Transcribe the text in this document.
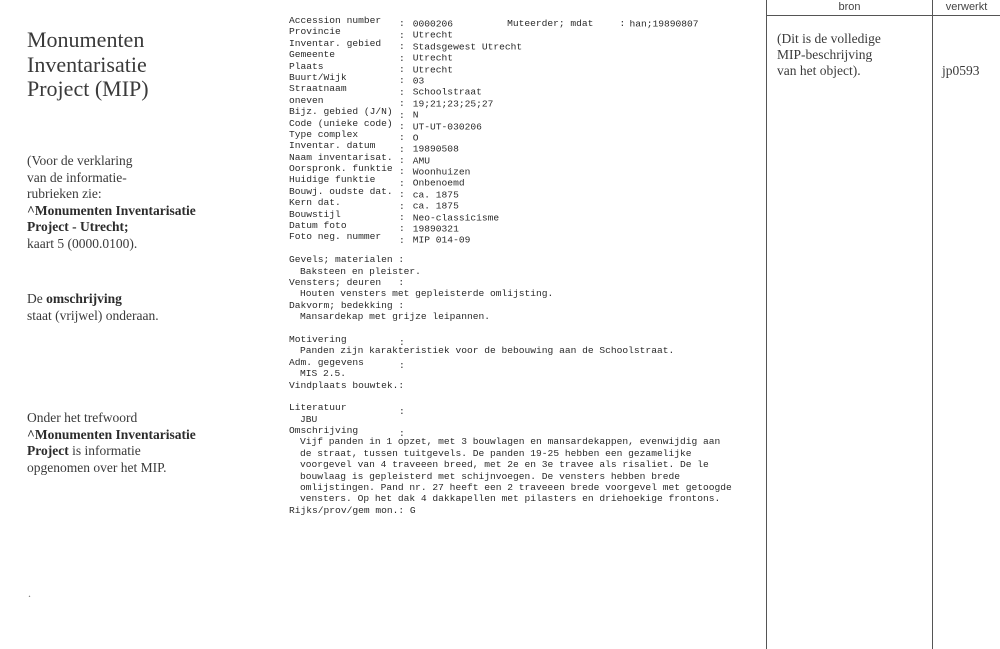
Monumenten
Inventarisatie
Project (MIP)

(Voor de verklaring

van de informatie-

rubrieken zie:

^Monumenten Inventarisatie

Project - Utrecht;

kaart 5 (0000.0100).

De omschrijving

staat (vrijwel) onderaan.

Onder het trefwoord

^Monumenten Inventarisatie

Project is informatie

opgenomen over het MIP.

.
Accession number : 0000206	Muteerder; mdat	: han;19890807
Provincie	: Utrecht
Inventar. gebied : Stadsgewest Utrecht
Gemeente	: Utrecht
Plaats	: Utrecht
Buurt/Wijk	: 03
Straatnaam	: Schoolstraat
oneven	: 19;21;23;25;27
Bijz. gebied (J/N) : N
Code (unieke code) : UT-UT-030206
Type complex	: O
Inventar. datum : 19890508
Naam inventarisat. : AMU
Oorspronk. funktie : Woonhuizen
Huidige funktie : Onbenoemd
Bouwj. oudste dat. : ca. 1875
Kern dat.	: ca. 1875
Bouwstijl	: Neo-classicisme
Datum foto	: 19890321
Foto neg. nummer : MIP 014-09
Gevels; materialen :
Baksteen en pleister.
Vensters; deuren   :
Houten vensters met gepleisterde omlijsting.
Dakvorm; bedekking :
Mansardekap met grijze leipannen.
Motivering	:
Panden zijn karakteristiek voor de bebouwing aan de Schoolstraat.
Adm. gegevens	:
MIS 2.5.
Vindplaats bouwtek.:
Literatuur	:
JBU
Omschrijving	:
Vijf panden in 1 opzet, met 3 bouwlagen en mansardekappen, evenwijdig aan
de straat, tussen tuitgevels. De panden 19-25 hebben een gezamelijke
voorgevel van 4 traveeen breed, met 2e en 3e travee als risaliet. De le
bouwlaag is gepleisterd met schijnvoegen. De vensters hebben brede
omlijstingen. Pand nr. 27 heeft een 2 traveeen brede voorgevel met getoogde
vensters. Op het dak 4 dakkapellen met pilasters en driehoekige frontons.
Rijks/prov/gem mon.: G
bron	verwerkt

(Dit is de volledige

MIP-beschrijving

van het object).	jp0593
